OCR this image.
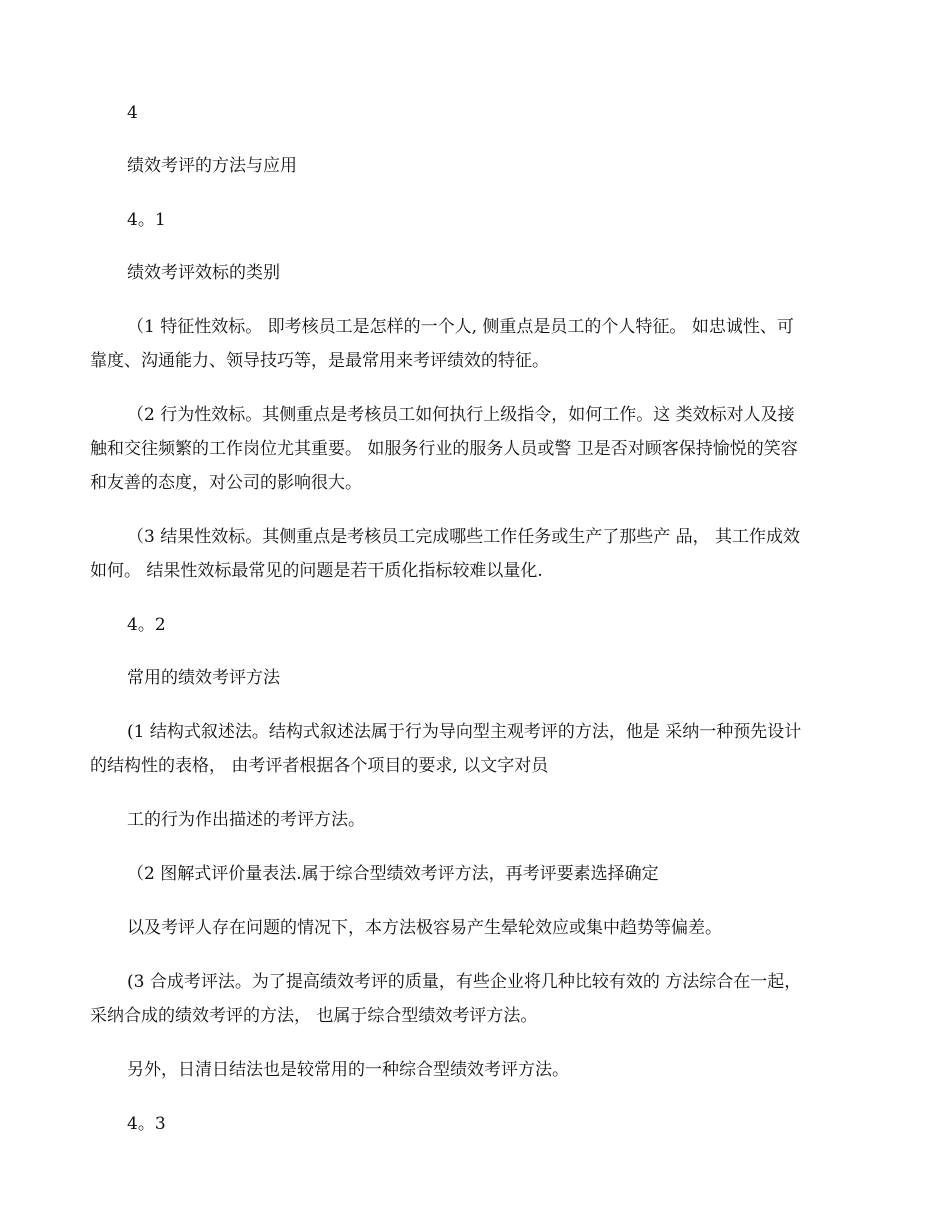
4
绩效考评的方法与应用
4。1
绩效考评效标的类别
（1 特征性效标。 即考核员工是怎样的一个人, 侧重点是员工的个人特征。 如忠诚性、可
靠度、沟通能力、领导技巧等，是最常用来考评绩效的特征。
（2 行为性效标。其侧重点是考核员工如何执行上级指令，如何工作。这 类效标对人及接
触和交往频繁的工作岗位尤其重要。 如服务行业的服务人员或警 卫是否对顾客保持愉悦的笑容
和友善的态度，对公司的影响很大。
（3 结果性效标。其侧重点是考核员工完成哪些工作任务或生产了那些产 品， 其工作成效
如何。 结果性效标最常见的问题是若干质化指标较难以量化.
4。2
常用的绩效考评方法
(1 结构式叙述法。结构式叙述法属于行为导向型主观考评的方法，他是 采纳一种预先设计
的结构性的表格， 由考评者根据各个项目的要求, 以文字对员
工的行为作出描述的考评方法。
（2 图解式评价量表法.属于综合型绩效考评方法，再考评要素选择确定
以及考评人存在问题的情况下，本方法极容易产生晕轮效应或集中趋势等偏差。
(3 合成考评法。为了提高绩效考评的质量，有些企业将几种比较有效的 方法综合在一起，
采纳合成的绩效考评的方法， 也属于综合型绩效考评方法。
另外，日清日结法也是较常用的一种综合型绩效考评方法。
4。3
